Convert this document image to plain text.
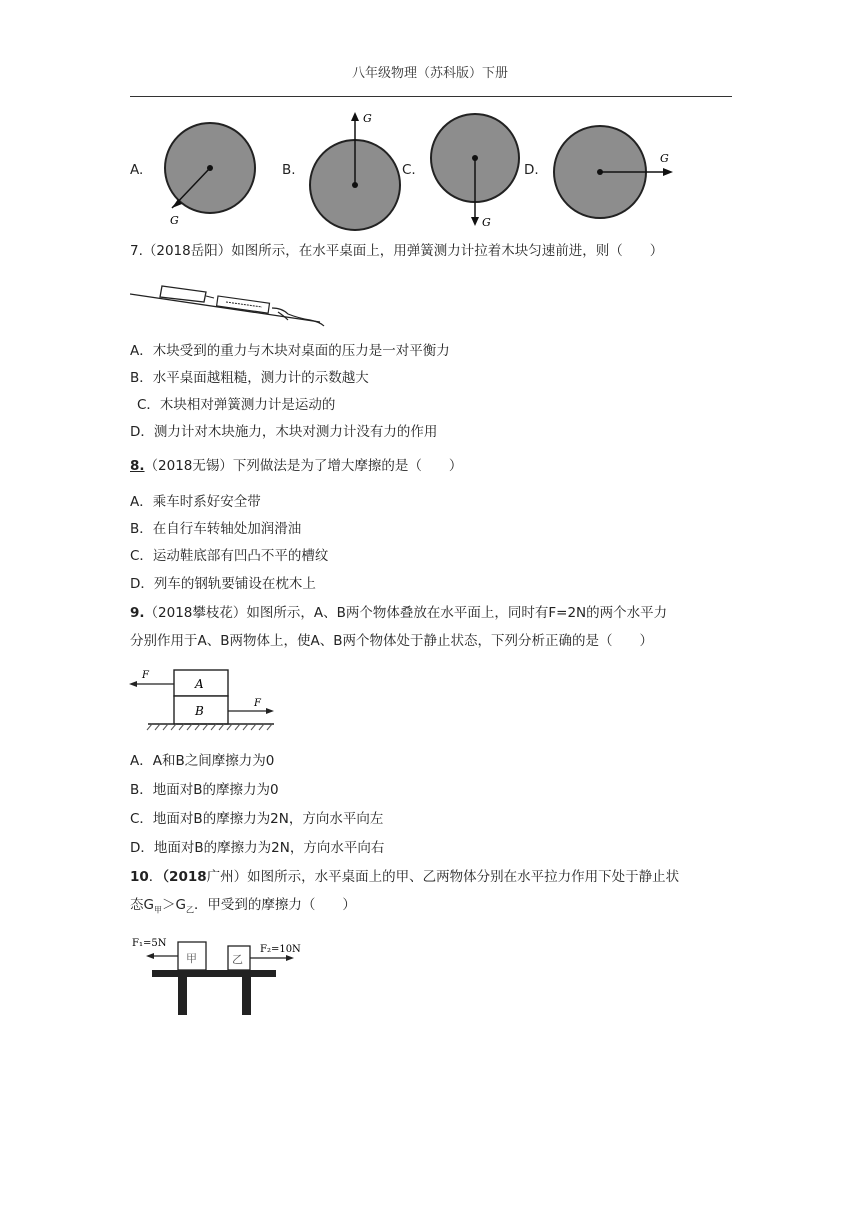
八年级物理（苏科版）下册
A.
G
B.
G
C.
G
D.
G
7.（2018岳阳）如图所示，在水平桌面上，用弹簧测力计拉着木块匀速前进，则（　　）
A．木块受到的重力与木块对桌面的压力是一对平衡力
B．水平桌面越粗糙，测力计的示数越大
C．木块相对弹簧测力计是运动的
D．测力计对木块施力，木块对测力计没有力的作用
8.（2018无锡）下列做法是为了增大摩擦的是（　　）
A．乘车时系好安全带
B．在自行车转轴处加润滑油
C．运动鞋底部有凹凸不平的槽纹
D．列车的钢轨要铺设在枕木上
9.（2018攀枝花）如图所示，A、B两个物体叠放在水平面上，同时有F=2N的两个水平力
分别作用于A、B两物体上，使A、B两个物体处于静止状态，下列分析正确的是（　　）
A
B
F
F
A．A和B之间摩擦力为0
B．地面对B的摩擦力为0
C．地面对B的摩擦力为2N，方向水平向左
D．地面对B的摩擦力为2N，方向水平向右
10．（2018广州）如图所示，水平桌面上的甲、乙两物体分别在水平拉力作用下处于静止状
态$G_甲>G_乙$．甲受到的摩擦力（　　）
F₁=5N
甲	乙
F₂=10N
